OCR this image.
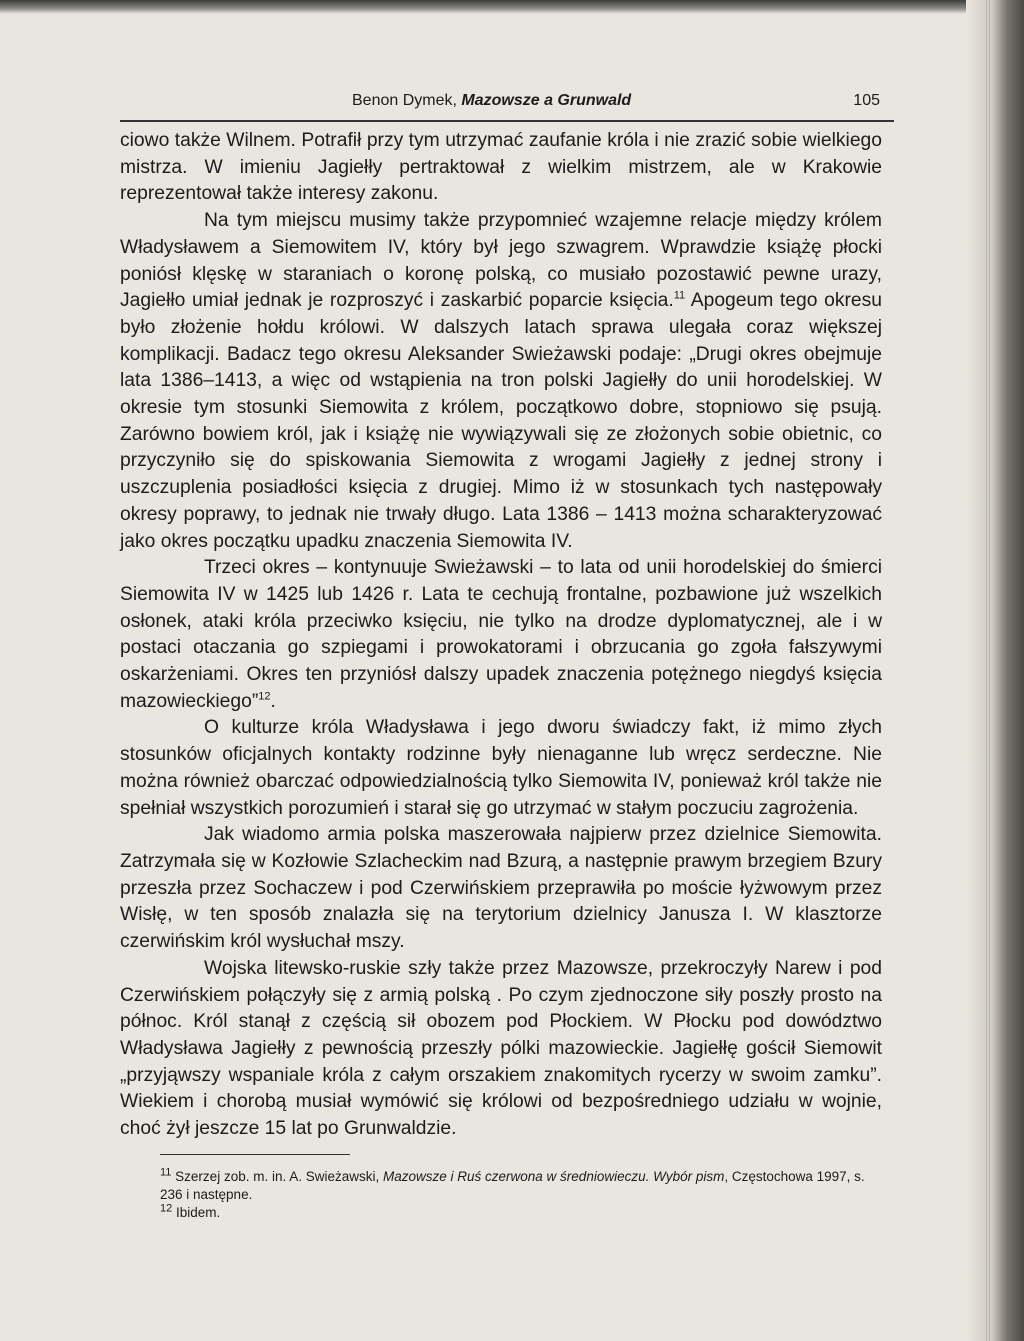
Benon Dymek, Mazowsze a Grunwald	105

ciowo także Wilnem. Potrafił przy tym utrzymać zaufanie króla i nie zrazić sobie wielkiego mistrza. W imieniu Jagiełły pertraktował z wielkim mistrzem, ale w Krakowie reprezentował także interesy zakonu.

Na tym miejscu musimy także przypomnieć wzajemne relacje między królem Władysławem a Siemowitem IV, który był jego szwagrem. Wprawdzie książę płocki poniósł klęskę w staraniach o koronę polską, co musiało pozostawić pewne urazy, Jagiełło umiał jednak je rozproszyć i zaskarbić poparcie księcia.$^{11}$ Apogeum tego okresu było złożenie hołdu królowi. W dalszych latach sprawa ulegała coraz większej komplikacji. Badacz tego okresu Aleksander Swieżawski podaje: „Drugi okres obejmuje lata 1386–1413, a więc od wstąpienia na tron polski Jagiełły do unii horodelskiej. W okresie tym stosunki Siemowita z królem, początkowo dobre, stopniowo się psują. Zarówno bowiem król, jak i książę nie wywiązywali się ze złożonych sobie obietnic, co przyczyniło się do spiskowania Siemowita z wrogami Jagiełły z jednej strony i uszczuplenia posiadłości księcia z drugiej. Mimo iż w stosunkach tych następowały okresy poprawy, to jednak nie trwały długo. Lata 1386 – 1413 można scharakteryzować jako okres początku upadku znaczenia Siemowita IV.

Trzeci okres – kontynuuje Swieżawski – to lata od unii horodelskiej do śmierci Siemowita IV w 1425 lub 1426 r. Lata te cechują frontalne, pozbawione już wszelkich osłonek, ataki króla przeciwko księciu, nie tylko na drodze dyplomatycznej, ale i w postaci otaczania go szpiegami i prowokatorami i obrzucania go zgoła fałszywymi oskarżeniami. Okres ten przyniósł dalszy upadek znaczenia potężnego niegdyś księcia mazowieckiego”$^{12}$.

O kulturze króla Władysława i jego dworu świadczy fakt, iż mimo złych stosunków oficjalnych kontakty rodzinne były nienaganne lub wręcz serdeczne. Nie można również obarczać odpowiedzialnością tylko Siemowita IV, ponieważ król także nie spełniał wszystkich porozumień i starał się go utrzymać w stałym poczuciu zagrożenia.

Jak wiadomo armia polska maszerowała najpierw przez dzielnice Siemowita. Zatrzymała się w Kozłowie Szlacheckim nad Bzurą, a następnie prawym brzegiem Bzury przeszła przez Sochaczew i pod Czerwińskiem przeprawiła po moście łyżwowym przez Wisłę, w ten sposób znalazła się na terytorium dzielnicy Janusza I. W klasztorze czerwińskim król wysłuchał mszy.

Wojska litewsko-ruskie szły także przez Mazowsze, przekroczyły Narew i pod Czerwińskiem połączyły się z armią polską . Po czym zjednoczone siły poszły prosto na północ. Król stanął z częścią sił obozem pod Płockiem. W Płocku pod dowództwo Władysława Jagiełły z pewnością przeszły pólki mazowieckie. Jagiełłę gościł Siemowit „przyjąwszy wspaniale króla z całym orszakiem znakomitych rycerzy w swoim zamku”. Wiekiem i chorobą musiał wymówić się królowi od bezpośredniego udziału w wojnie, choć żył jeszcze 15 lat po Grunwaldzie.

$^{11}$ Szerzej zob. m. in. A. Swieżawski, Mazowsze i Ruś czerwona w średniowieczu. Wybór pism, Częstochowa 1997, s. 236 i następne.

$^{12}$ Ibidem.
